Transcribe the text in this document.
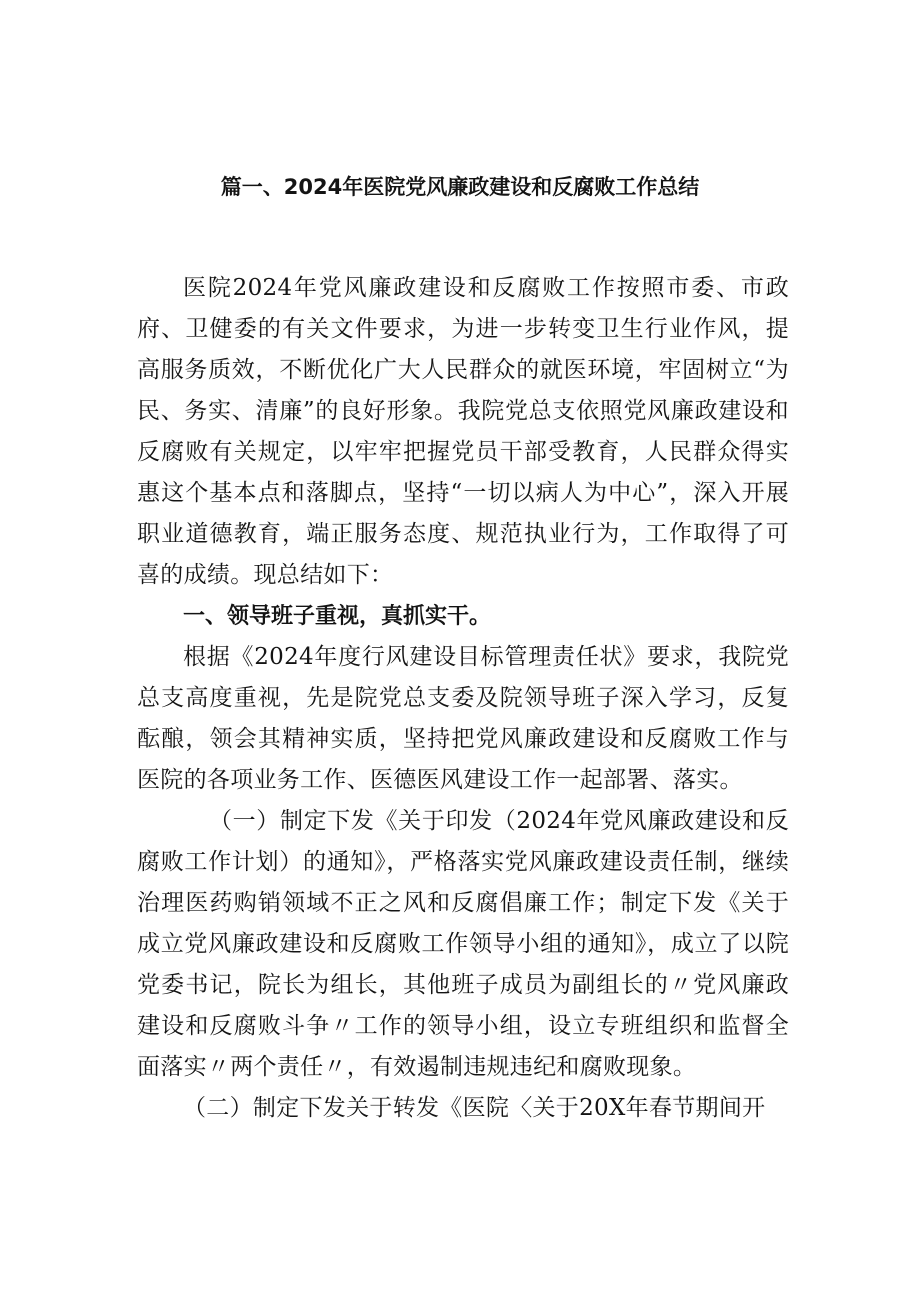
篇一、2024年医院党风廉政建设和反腐败工作总结

医院2024年党风廉政建设和反腐败工作按照市委、市政府、卫健委的有关文件要求，为进一步转变卫生行业作风，提高服务质效，不断优化广大人民群众的就医环境，牢固树立“为民、务实、清廉”的良好形象。我院党总支依照党风廉政建设和反腐败有关规定，以牢牢把握党员干部受教育，人民群众得实惠这个基本点和落脚点，坚持“一切以病人为中心”，深入开展职业道德教育，端正服务态度、规范执业行为，工作取得了可喜的成绩。现总结如下：

一、领导班子重视，真抓实干。

根据《2024年度行风建设目标管理责任状》要求，我院党总支高度重视，先是院党总支委及院领导班子深入学习，反复酝酿，领会其精神实质，坚持把党风廉政建设和反腐败工作与医院的各项业务工作、医德医风建设工作一起部署、落实。

（一）制定下发《关于印发（2024年党风廉政建设和反腐败工作计划）的通知》，严格落实党风廉政建设责任制，继续治理医药购销领域不正之风和反腐倡廉工作；制定下发《关于成立党风廉政建设和反腐败工作领导小组的通知》，成立了以院党委书记，院长为组长，其他班子成员为副组长的〃党风廉政建设和反腐败斗争〃工作的领导小组，设立专班组织和监督全面落实〃两个责任〃，有效遏制违规违纪和腐败现象。

（二）制定下发关于转发《医院〈关于20X年春节期间开
